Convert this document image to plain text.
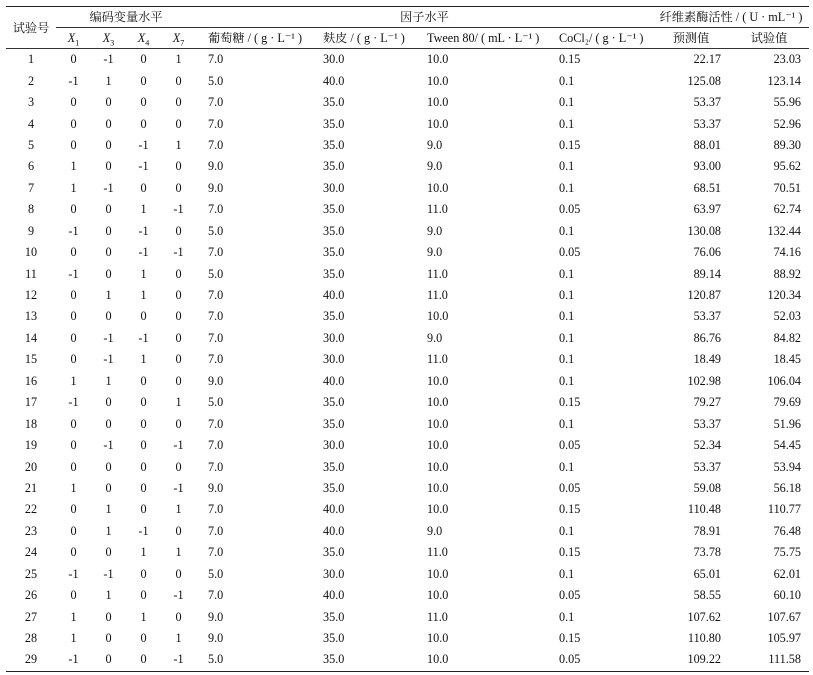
试验号	编码变量水平				因子水平				纤维素酶活性 / ( U · mL⁻¹ )	
	$X_1$	$X_3$	$X_4$	$X_7$	葡萄糖 / ( g · L⁻¹ )	麸皮 / ( g · L⁻¹ )	Tween 80/ ( mL · L⁻¹ )	CoCl₂/ ( g · L⁻¹ )	预测值	试验值
1	0	-1	0	1	7.0	30.0	10.0	0.15	22.17	23.03
2	-1	1	0	0	5.0	40.0	10.0	0.1	125.08	123.14
3	0	0	0	0	7.0	35.0	10.0	0.1	53.37	55.96
4	0	0	0	0	7.0	35.0	10.0	0.1	53.37	52.96
5	0	0	-1	1	7.0	35.0	9.0	0.15	88.01	89.30
6	1	0	-1	0	9.0	35.0	9.0	0.1	93.00	95.62
7	1	-1	0	0	9.0	30.0	10.0	0.1	68.51	70.51
8	0	0	1	-1	7.0	35.0	11.0	0.05	63.97	62.74
9	-1	0	-1	0	5.0	35.0	9.0	0.1	130.08	132.44
10	0	0	-1	-1	7.0	35.0	9.0	0.05	76.06	74.16
11	-1	0	1	0	5.0	35.0	11.0	0.1	89.14	88.92
12	0	1	1	0	7.0	40.0	11.0	0.1	120.87	120.34
13	0	0	0	0	7.0	35.0	10.0	0.1	53.37	52.03
14	0	-1	-1	0	7.0	30.0	9.0	0.1	86.76	84.82
15	0	-1	1	0	7.0	30.0	11.0	0.1	18.49	18.45
16	1	1	0	0	9.0	40.0	10.0	0.1	102.98	106.04
17	-1	0	0	1	5.0	35.0	10.0	0.15	79.27	79.69
18	0	0	0	0	7.0	35.0	10.0	0.1	53.37	51.96
19	0	-1	0	-1	7.0	30.0	10.0	0.05	52.34	54.45
20	0	0	0	0	7.0	35.0	10.0	0.1	53.37	53.94
21	1	0	0	-1	9.0	35.0	10.0	0.05	59.08	56.18
22	0	1	0	1	7.0	40.0	10.0	0.15	110.48	110.77
23	0	1	-1	0	7.0	40.0	9.0	0.1	78.91	76.48
24	0	0	1	1	7.0	35.0	11.0	0.15	73.78	75.75
25	-1	-1	0	0	5.0	30.0	10.0	0.1	65.01	62.01
26	0	1	0	-1	7.0	40.0	10.0	0.05	58.55	60.10
27	1	0	1	0	9.0	35.0	11.0	0.1	107.62	107.67
28	1	0	0	1	9.0	35.0	10.0	0.15	110.80	105.97
29	-1	0	0	-1	5.0	35.0	10.0	0.05	109.22	111.58
